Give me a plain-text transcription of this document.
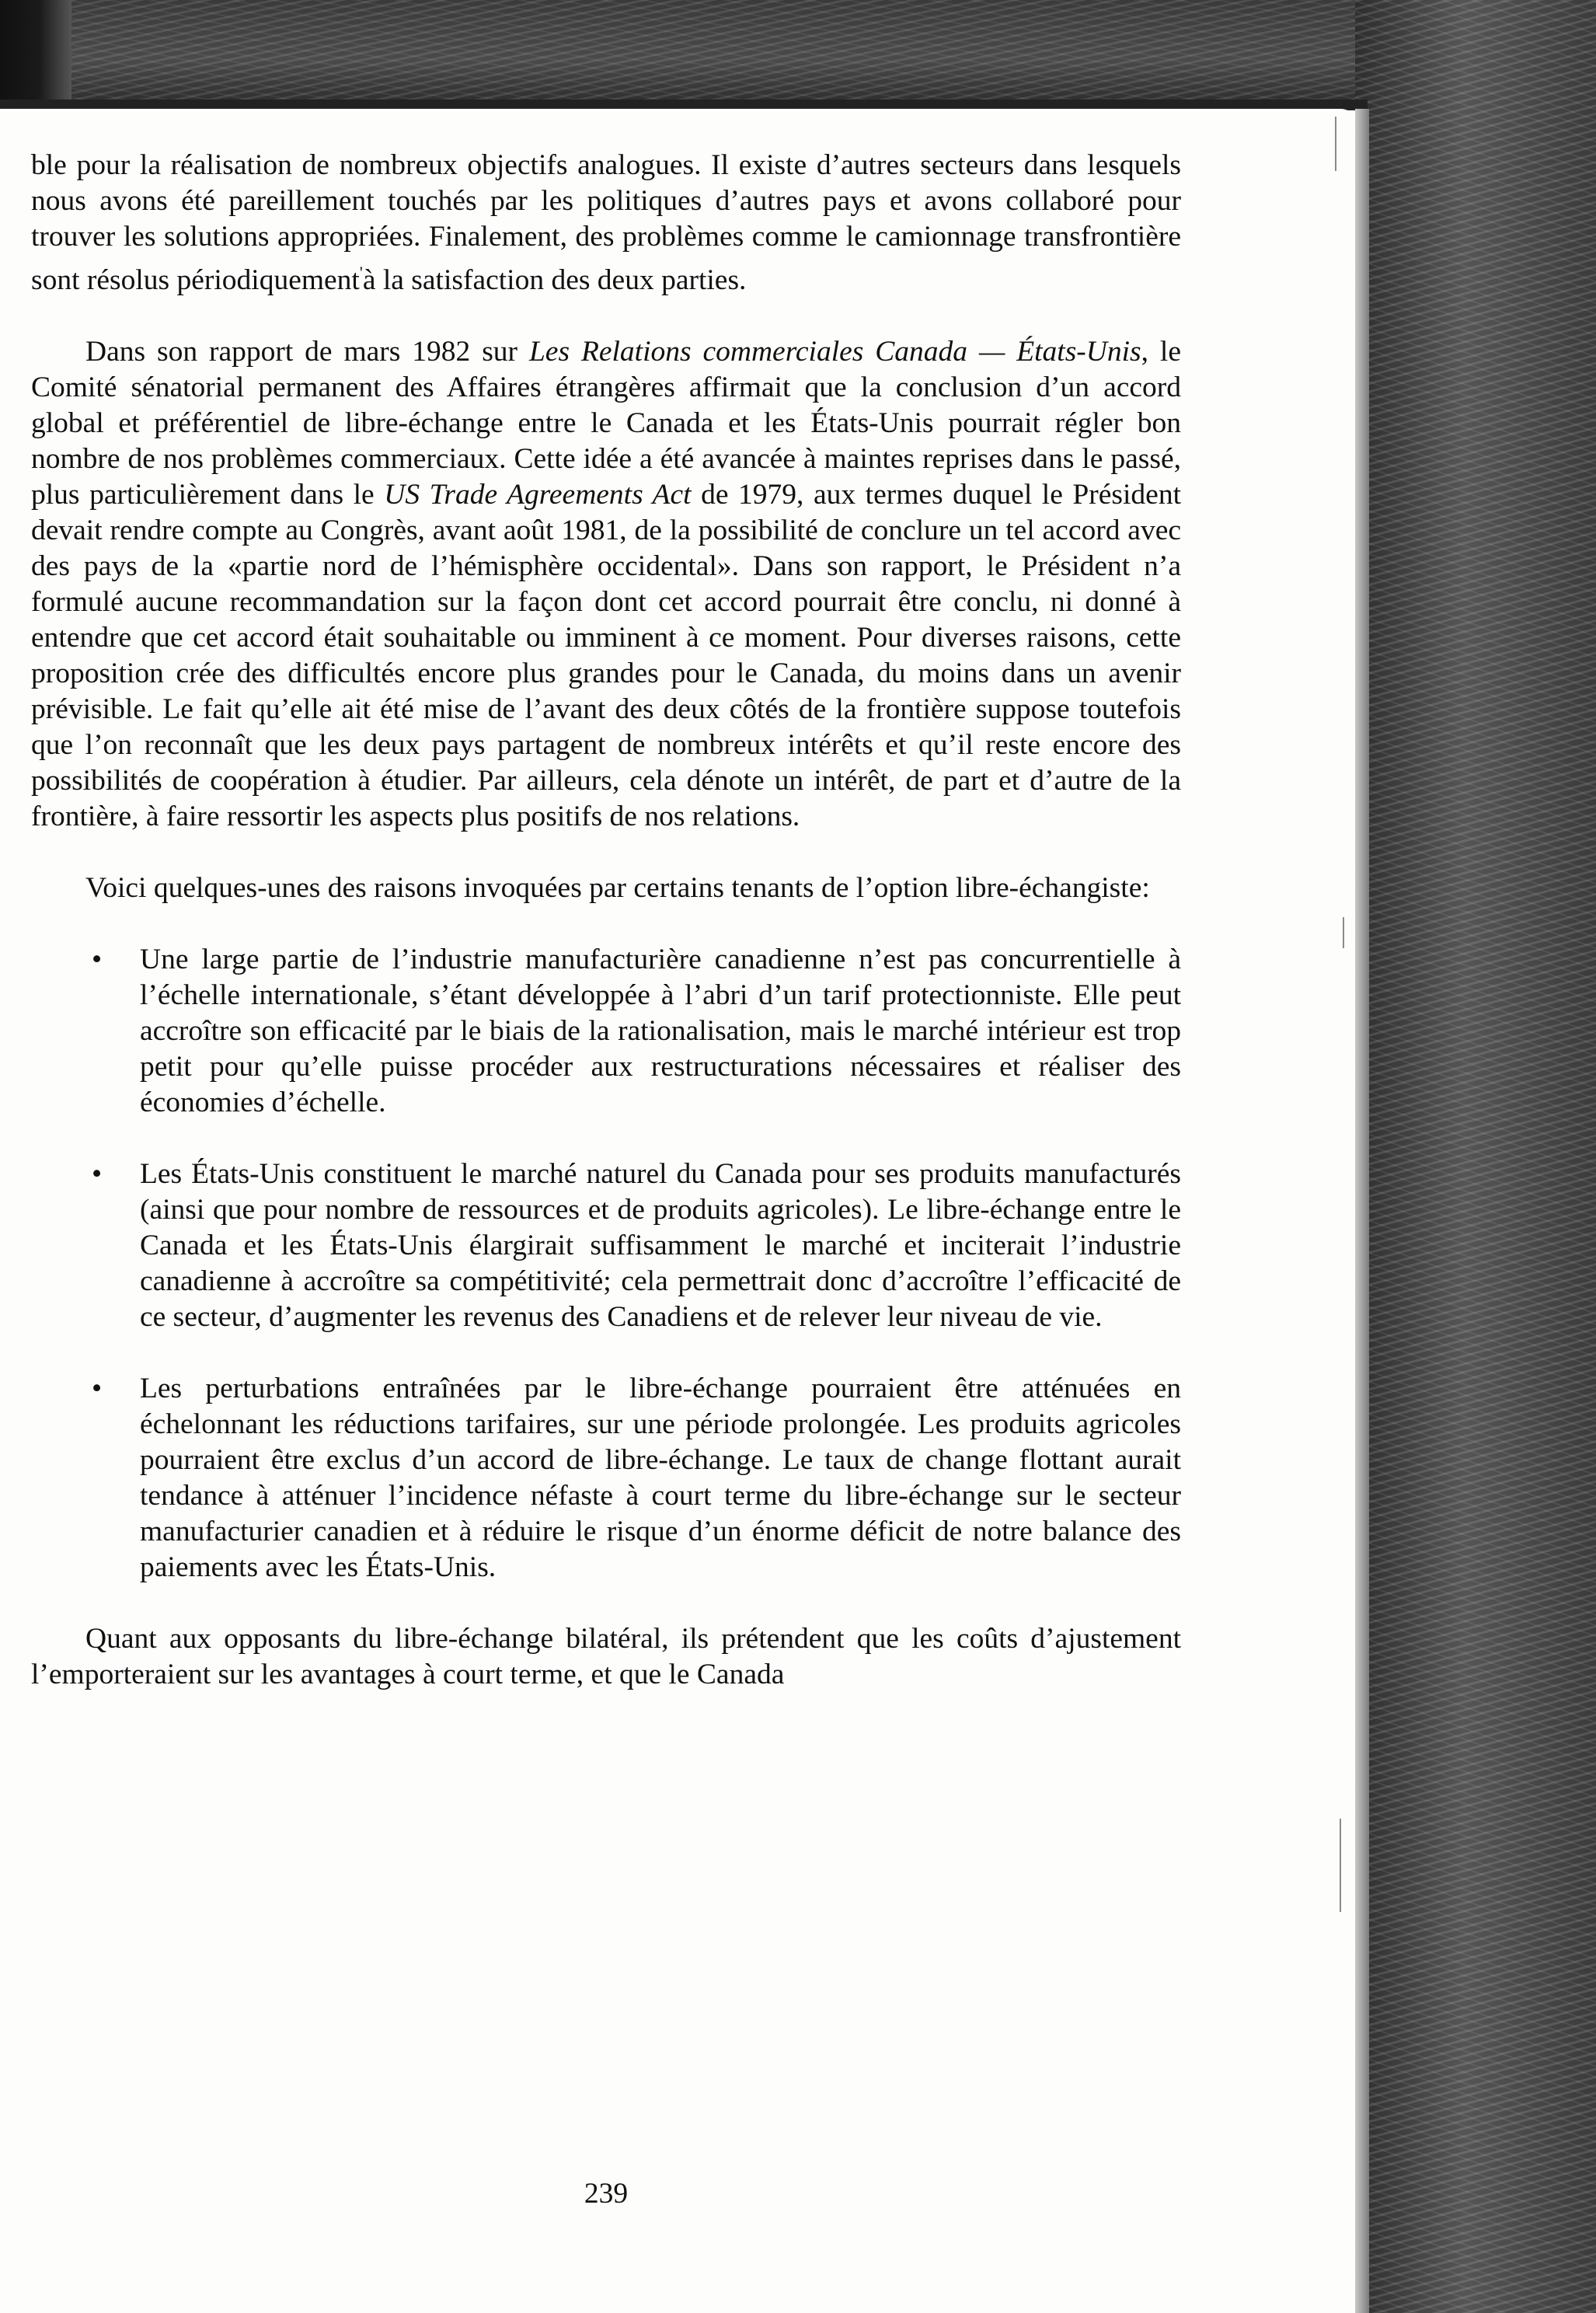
ble pour la réalisation de nombreux objectifs analogues. Il existe d’autres secteurs dans lesquels nous avons été pareillement touchés par les politiques d’autres pays et avons collaboré pour trouver les solutions appropriées. Finalement, des problèmes comme le camionnage transfrontière sont résolus périodiquement'à la satisfaction des deux parties.

Dans son rapport de mars 1982 sur Les Relations commerciales Canada — États-Unis, le Comité sénatorial permanent des Affaires étrangères affirmait que la conclusion d’un accord global et préférentiel de libre-échange entre le Canada et les États-Unis pourrait régler bon nombre de nos problèmes commerciaux. Cette idée a été avancée à maintes reprises dans le passé, plus particulièrement dans le US Trade Agreements Act de 1979, aux termes duquel le Président devait rendre compte au Congrès, avant août 1981, de la possibilité de conclure un tel accord avec des pays de la «partie nord de l’hémisphère occidental». Dans son rapport, le Président n’a formulé aucune recommandation sur la façon dont cet accord pourrait être conclu, ni donné à entendre que cet accord était souhaitable ou imminent à ce moment. Pour diverses raisons, cette proposition crée des difficultés encore plus grandes pour le Canada, du moins dans un avenir prévisible. Le fait qu’elle ait été mise de l’avant des deux côtés de la frontière suppose toutefois que l’on reconnaît que les deux pays partagent de nombreux intérêts et qu’il reste encore des possibilités de coopération à étudier. Par ailleurs, cela dénote un intérêt, de part et d’autre de la frontière, à faire ressortir les aspects plus positifs de nos relations.

Voici quelques-unes des raisons invoquées par certains tenants de l’option libre-échangiste:

• Une large partie de l’industrie manufacturière canadienne n’est pas concurrentielle à l’échelle internationale, s’étant développée à l’abri d’un tarif protectionniste. Elle peut accroître son efficacité par le biais de la rationalisation, mais le marché intérieur est trop petit pour qu’elle puisse procéder aux restructurations nécessaires et réaliser des économies d’échelle.
• Les États-Unis constituent le marché naturel du Canada pour ses produits manufacturés (ainsi que pour nombre de ressources et de produits agricoles). Le libre-échange entre le Canada et les États-Unis élargirait suffisamment le marché et inciterait l’industrie canadienne à accroître sa compétitivité; cela permettrait donc d’accroître l’efficacité de ce secteur, d’augmenter les revenus des Canadiens et de relever leur niveau de vie.
• Les perturbations entraînées par le libre-échange pourraient être atténuées en échelonnant les réductions tarifaires, sur une période prolongée. Les produits agricoles pourraient être exclus d’un accord de libre-échange. Le taux de change flottant aurait tendance à atténuer l’incidence néfaste à court terme du libre-échange sur le secteur manufacturier canadien et à réduire le risque d’un énorme déficit de notre balance des paiements avec les États-Unis.

Quant aux opposants du libre-échange bilatéral, ils prétendent que les coûts d’ajustement l’emporteraient sur les avantages à court terme, et que le Canada

239
